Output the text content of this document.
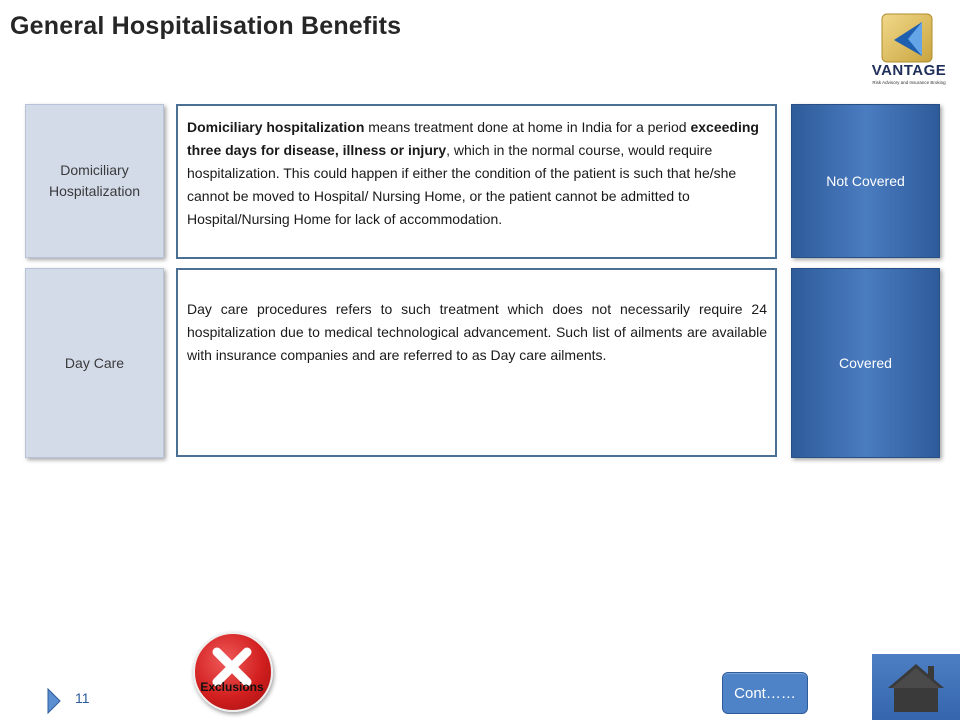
General Hospitalisation Benefits
VANTAGE
Risk Advisory and Insurance Broking
Domiciliary Hospitalization
Domiciliary hospitalization means treatment done at home in India for a period exceeding three days for disease, illness or injury, which in the normal course, would require hospitalization. This could happen if either the condition of the patient is such that he/she cannot be moved to Hospital/ Nursing Home, or the patient cannot be admitted to Hospital/Nursing Home for lack of accommodation.
Not Covered
Day Care
Day care procedures refers to such treatment which does not necessarily require 24 hospitalization due to medical technological advancement. Such list of ailments are available with insurance companies and are referred to as Day care ailments.	Covered
Exclusions	Cont……
11
